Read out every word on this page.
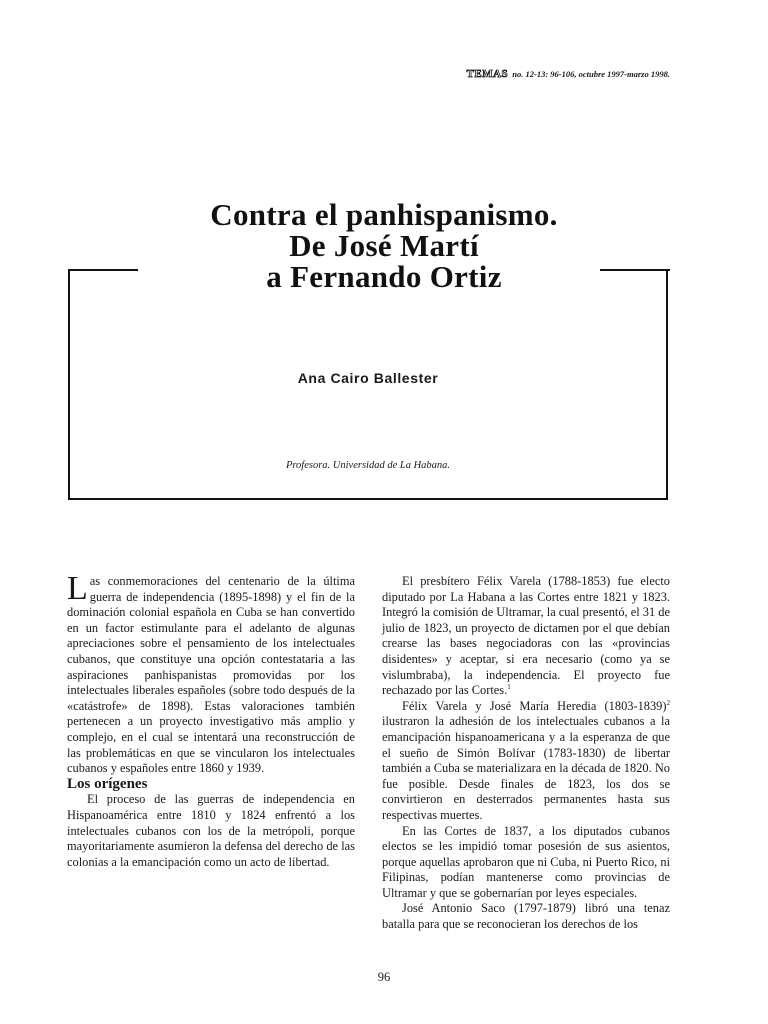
TEMAS no. 12-13: 96-106, octubre 1997-marzo 1998.
Contra el panhispanismo.
De José Martí
a Fernando Ortiz
Ana Cairo Ballester
Profesora. Universidad de La Habana.

Las conmemoraciones del centenario de la última guerra de independencia (1895-1898) y el fin de la dominación colonial española en Cuba se han convertido en un factor estimulante para el adelanto de algunas apreciaciones sobre el pensamiento de los intelectuales cubanos, que constituye una opción contestataria a las aspiraciones panhispanistas promovidas por los intelectuales liberales españoles (sobre todo después de la «catástrofe» de 1898). Estas valoraciones también pertenecen a un proyecto investigativo más amplio y complejo, en el cual se intentará una reconstrucción de las problemáticas en que se vincularon los intelectuales cubanos y españoles entre 1860 y 1939.

Los orígenes

El proceso de las guerras de independencia en Hispanoamérica entre 1810 y 1824 enfrentó a los intelectuales cubanos con los de la metrópoli, porque mayoritariamente asumieron la defensa del derecho de las colonias a la emancipación como un acto de libertad.

El presbítero Félix Varela (1788-1853) fue electo diputado por La Habana a las Cortes entre 1821 y 1823. Integró la comisión de Ultramar, la cual presentó, el 31 de julio de 1823, un proyecto de dictamen por el que debían crearse las bases negociadoras con las «provincias disidentes» y aceptar, si era necesario (como ya se vislumbraba), la independencia. El proyecto fue rechazado por las Cortes.$^1$

Félix Varela y José María Heredia (1803-1839)$^2$ ilustraron la adhesión de los intelectuales cubanos a la emancipación hispanoamericana y a la esperanza de que el sueño de Simón Bolívar (1783-1830) de libertar también a Cuba se materializara en la década de 1820. No fue posible. Desde finales de 1823, los dos se convirtieron en desterrados permanentes hasta sus respectivas muertes.

En las Cortes de 1837, a los diputados cubanos electos se les impidió tomar posesión de sus asientos, porque aquellas aprobaron que ni Cuba, ni Puerto Rico, ni Filipinas, podían mantenerse como provincias de Ultramar y que se gobernarían por leyes especiales.

José Antonio Saco (1797-1879) libró una tenaz batalla para que se reconocieran los derechos de los

96
